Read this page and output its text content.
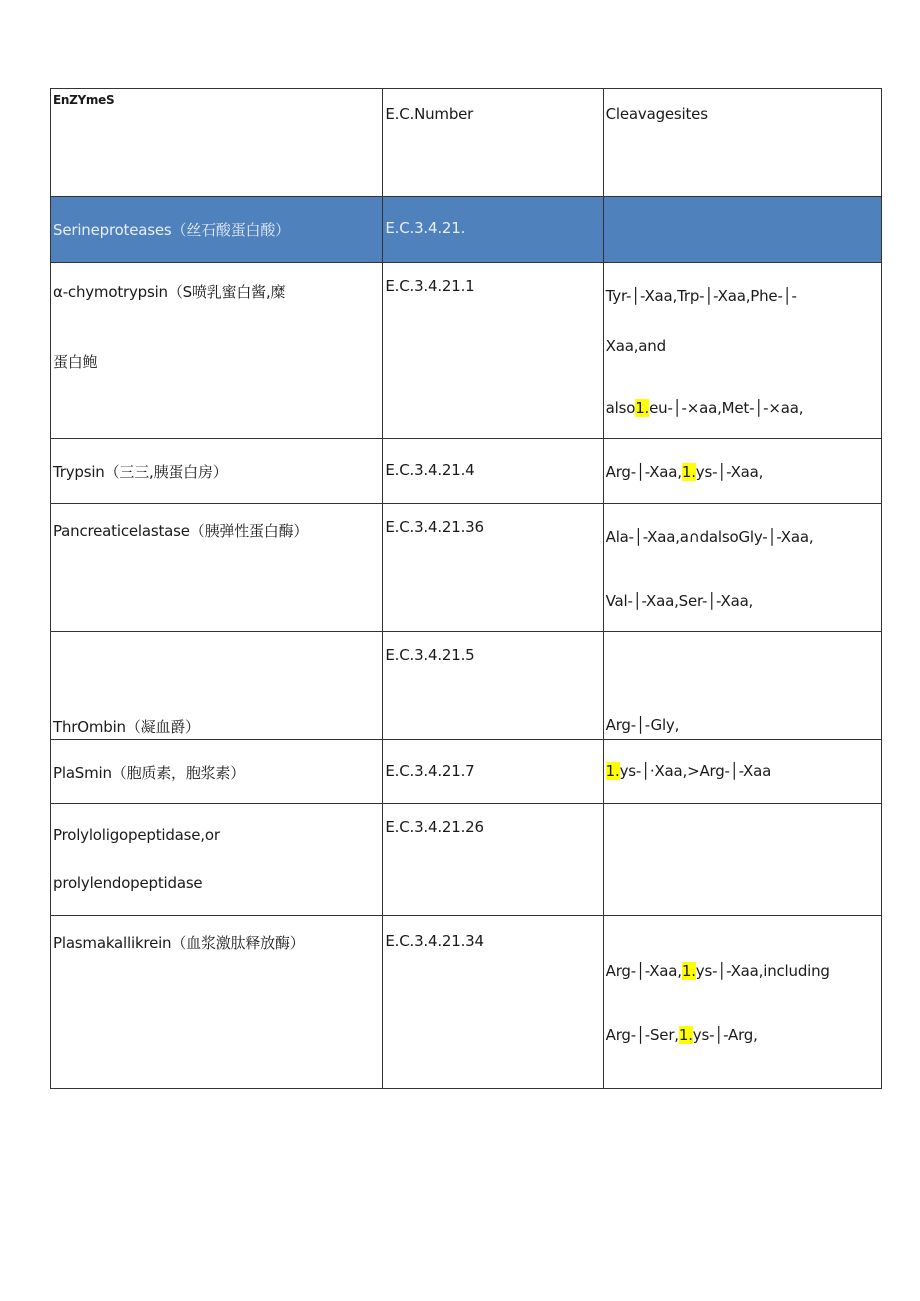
EnZYmeS	E.C.Number	Cleavagesites

Serineproteases（丝石酸蛋白酸）	E.C.3.4.21.	

α-chymotrypsin（S喷乳蜜白酱,糜
蛋白鲍	E.C.3.4.21.1	Tyr-│-Xaa,Trp-│-Xaa,Phe-│-
Xaa,and
also1.eu-│-×aa,Met-│-×aa,

Trypsin（三三,胰蛋白房）	E.C.3.4.21.4	Arg-│-Xaa,1.ys-│-Xaa,

Pancreaticelastase（胰弹性蛋白酶）	E.C.3.4.21.36	Ala-│-Xaa,a∩dalsoGly-│-Xaa,
Val-│-Xaa,Ser-│-Xaa,

ThrOmbin（凝血爵）	E.C.3.4.21.5	Arg-│-Gly,

PlaSmin（胞质素，胞浆素）	E.C.3.4.21.7	1.ys-│·Xaa,>Arg-│-Xaa

Prolyloligopeptidase,or
prolylendopeptidase	E.C.3.4.21.26	

Plasmakallikrein（血浆激肽释放酶）	E.C.3.4.21.34	Arg-│-Xaa,1.ys-│-Xaa,including
Arg-│-Ser,1.ys-│-Arg,
